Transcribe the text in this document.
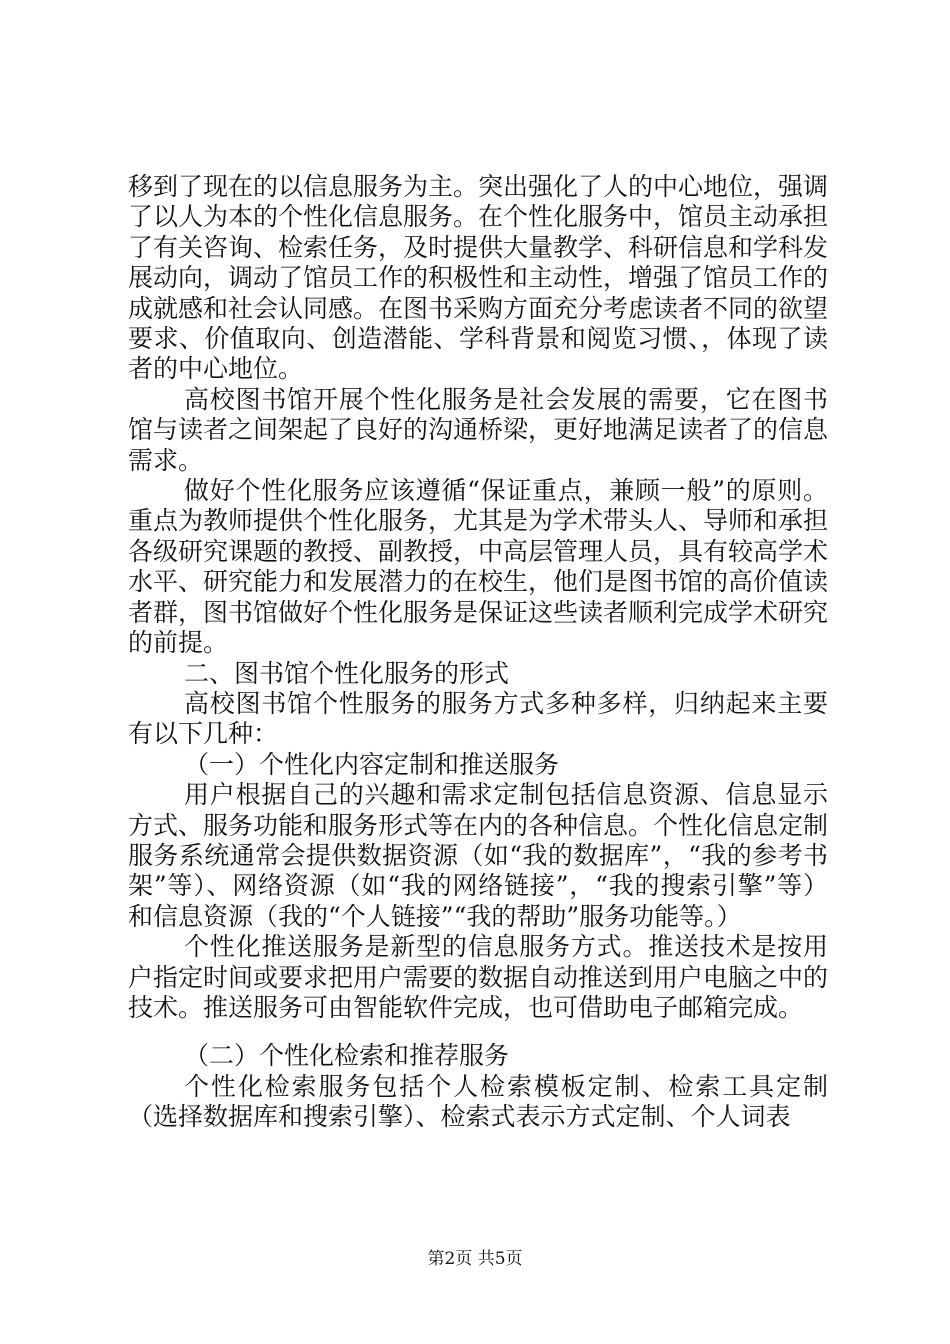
移到了现在的以信息服务为主。突出强化了人的中心地位，强调了以人为本的个性化信息服务。在个性化服务中，馆员主动承担了有关咨询、检索任务，及时提供大量教学、科研信息和学科发展动向，调动了馆员工作的积极性和主动性，增强了馆员工作的成就感和社会认同感。在图书采购方面充分考虑读者不同的欲望要求、价值取向、创造潜能、学科背景和阅览习惯、，体现了读者的中心地位。

高校图书馆开展个性化服务是社会发展的需要，它在图书馆与读者之间架起了良好的沟通桥梁，更好地满足读者了的信息需求。

做好个性化服务应该遵循“保证重点，兼顾一般”的原则。重点为教师提供个性化服务，尤其是为学术带头人、导师和承担各级研究课题的教授、副教授，中高层管理人员，具有较高学术水平、研究能力和发展潜力的在校生，他们是图书馆的高价值读者群，图书馆做好个性化服务是保证这些读者顺利完成学术研究的前提。

二、图书馆个性化服务的形式

高校图书馆个性服务的服务方式多种多样，归纳起来主要有以下几种：

（一）个性化内容定制和推送服务

用户根据自己的兴趣和需求定制包括信息资源、信息显示方式、服务功能和服务形式等在内的各种信息。个性化信息定制服务系统通常会提供数据资源（如“我的数据库”，“我的参考书架”等）、网络资源（如“我的网络链接”，“我的搜索引擎”等）和信息资源（我的“个人链接”“我的帮助”服务功能等。）

个性化推送服务是新型的信息服务方式。推送技术是按用户指定时间或要求把用户需要的数据自动推送到用户电脑之中的技术。推送服务可由智能软件完成，也可借助电子邮箱完成。

（二）个性化检索和推荐服务

个性化检索服务包括个人检索模板定制、检索工具定制（选择数据库和搜索引擎）、检索式表示方式定制、个人词表

第2页 共5页
